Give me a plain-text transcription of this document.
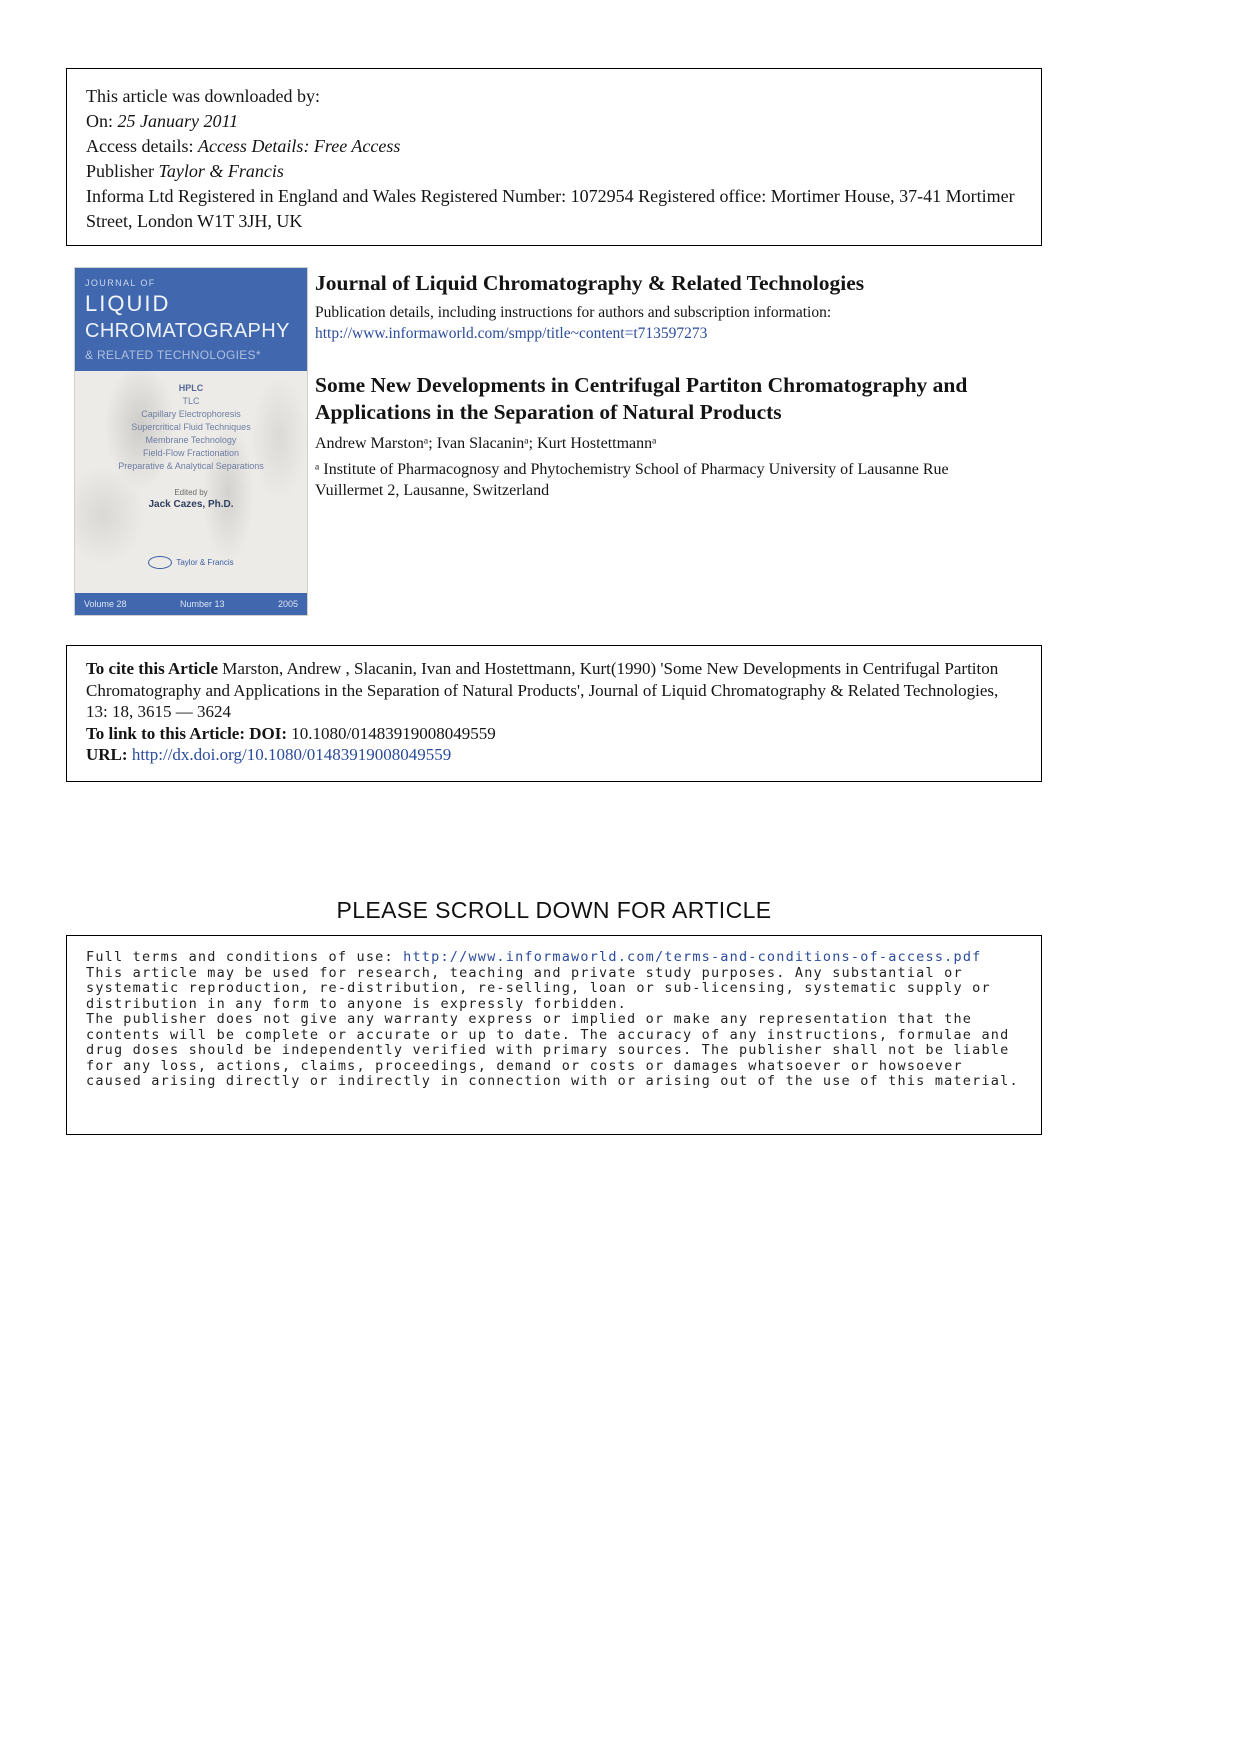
This article was downloaded by:

On: 25 January 2011

Access details: Access Details: Free Access

Publisher Taylor & Francis

Informa Ltd Registered in England and Wales Registered Number: 1072954 Registered office: Mortimer House, 37-41 Mortimer Street, London W1T 3JH, UK

JOURNAL OF
LIQUID
CHROMATOGRAPHY
& RELATED TECHNOLOGIES*
HPLC
TLC
Capillary Electrophoresis
Supercritical Fluid Techniques
Membrane Technology
Field-Flow Fractionation
Preparative & Analytical Separations
Edited by
Jack Cazes, Ph.D.
Taylor & Francis
Volume 28	Number 13	2005
Journal of Liquid Chromatography & Related Technologies

Publication details, including instructions for authors and subscription information:

http://www.informaworld.com/smpp/title~content=t713597273

Some New Developments in Centrifugal Partiton Chromatography and Applications in the Separation of Natural Products

Andrew Marstonᵃ; Ivan Slacaninᵃ; Kurt Hostettmannᵃ

ᵃ Institute of Pharmacognosy and Phytochemistry School of Pharmacy University of Lausanne Rue Vuillermet 2, Lausanne, Switzerland

To cite this Article Marston, Andrew , Slacanin, Ivan and Hostettmann, Kurt(1990) 'Some New Developments in Centrifugal Partiton Chromatography and Applications in the Separation of Natural Products', Journal of Liquid Chromatography & Related Technologies, 13: 18, 3615 — 3624

To link to this Article: DOI: 10.1080/01483919008049559

URL: http://dx.doi.org/10.1080/01483919008049559

PLEASE SCROLL DOWN FOR ARTICLE

Full terms and conditions of use: http://www.informaworld.com/terms-and-conditions-of-access.pdf

This article may be used for research, teaching and private study purposes. Any substantial or systematic reproduction, re-distribution, re-selling, loan or sub-licensing, systematic supply or distribution in any form to anyone is expressly forbidden.

The publisher does not give any warranty express or implied or make any representation that the contents will be complete or accurate or up to date. The accuracy of any instructions, formulae and drug doses should be independently verified with primary sources. The publisher shall not be liable for any loss, actions, claims, proceedings, demand or costs or damages whatsoever or howsoever caused arising directly or indirectly in connection with or arising out of the use of this material.
